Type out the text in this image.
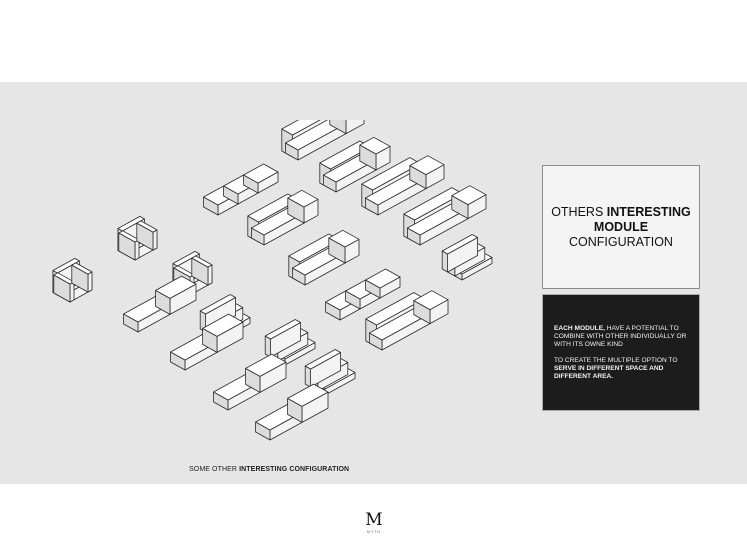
SOME OTHER INTERESTING CONFIGURATION
OTHERS INTERESTING
MODULE
CONFIGURATION

EACH MODULE, HAVE A POTENTIAL TO COMBINE WITH OTHER INDIVIDUALLY OR WITH ITS OWNE KIND

TO CREATE THE MULTIPLE OPTION TO SERVE IN DIFFERENT SPACE AND DIFFERENT AREA.

M
MYTH
